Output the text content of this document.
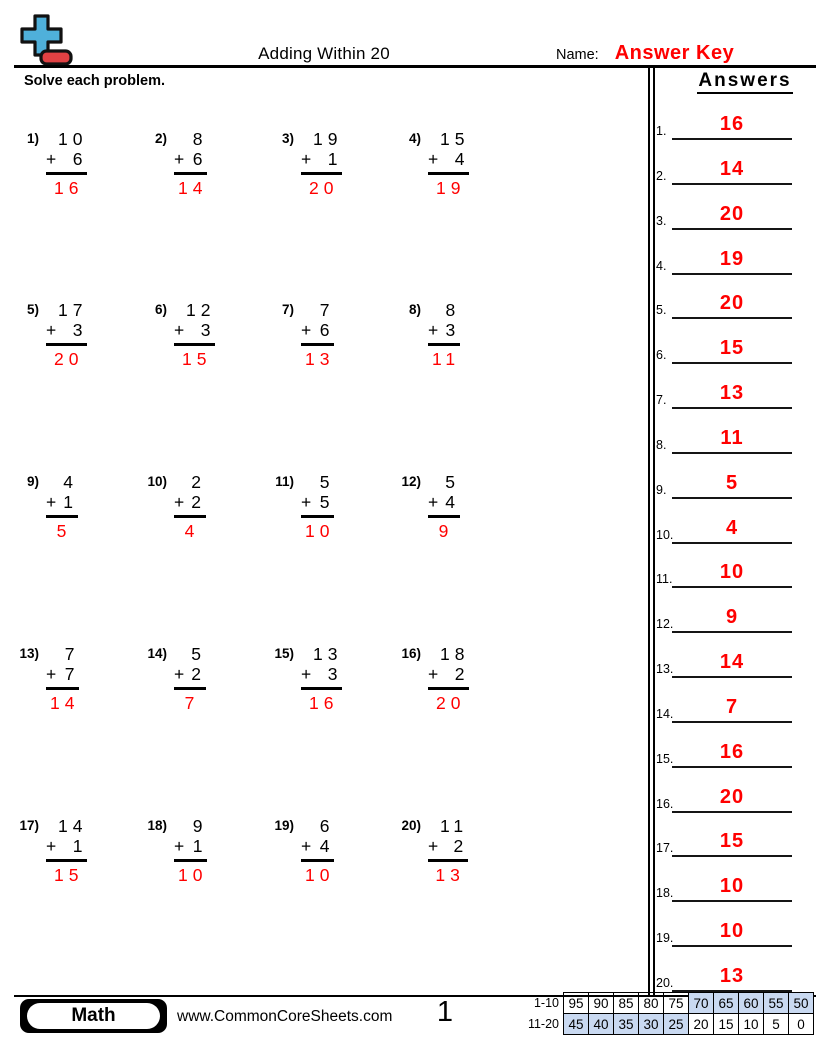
Adding Within 20	Name: Answer Key
Solve each problem.
1)	10
+ 6
16
2)	8
+ 6
14
3)	19
+ 1
20
4)	15
+ 4
19
5)	17
+ 3
20
6)	12
+ 3
15
7)	7
+ 6
13
8)	8
+ 3
11
9)	4
+ 1
5
10)	2
+ 2
4
11)	5
+ 5
10
12)	5
+ 4
9
13)	7
+ 7
14
14)	5
+ 2
7
15)	13
+ 3
16
16)	18
+ 2
20
17)	14
+ 1
15
18)	9
+ 1
10
19)	6
+ 4
10
20)	11
+ 2
13
Answers
1.	16
2.	14
3.	20
4.	19
5.	20
6.	15
7.	13
8.	11
9.	5
10.	4
11.	10
12.	9
13.	14
14.	7
15.	16
16.	20
17.	15
18.	10
19.	10
20.	13
Math	www.CommonCoreSheets.com	1	1-10 95 90 85 80 75 70 65 60 55 50
11-20 45 40 35 30 25 20 15 10	5	0
